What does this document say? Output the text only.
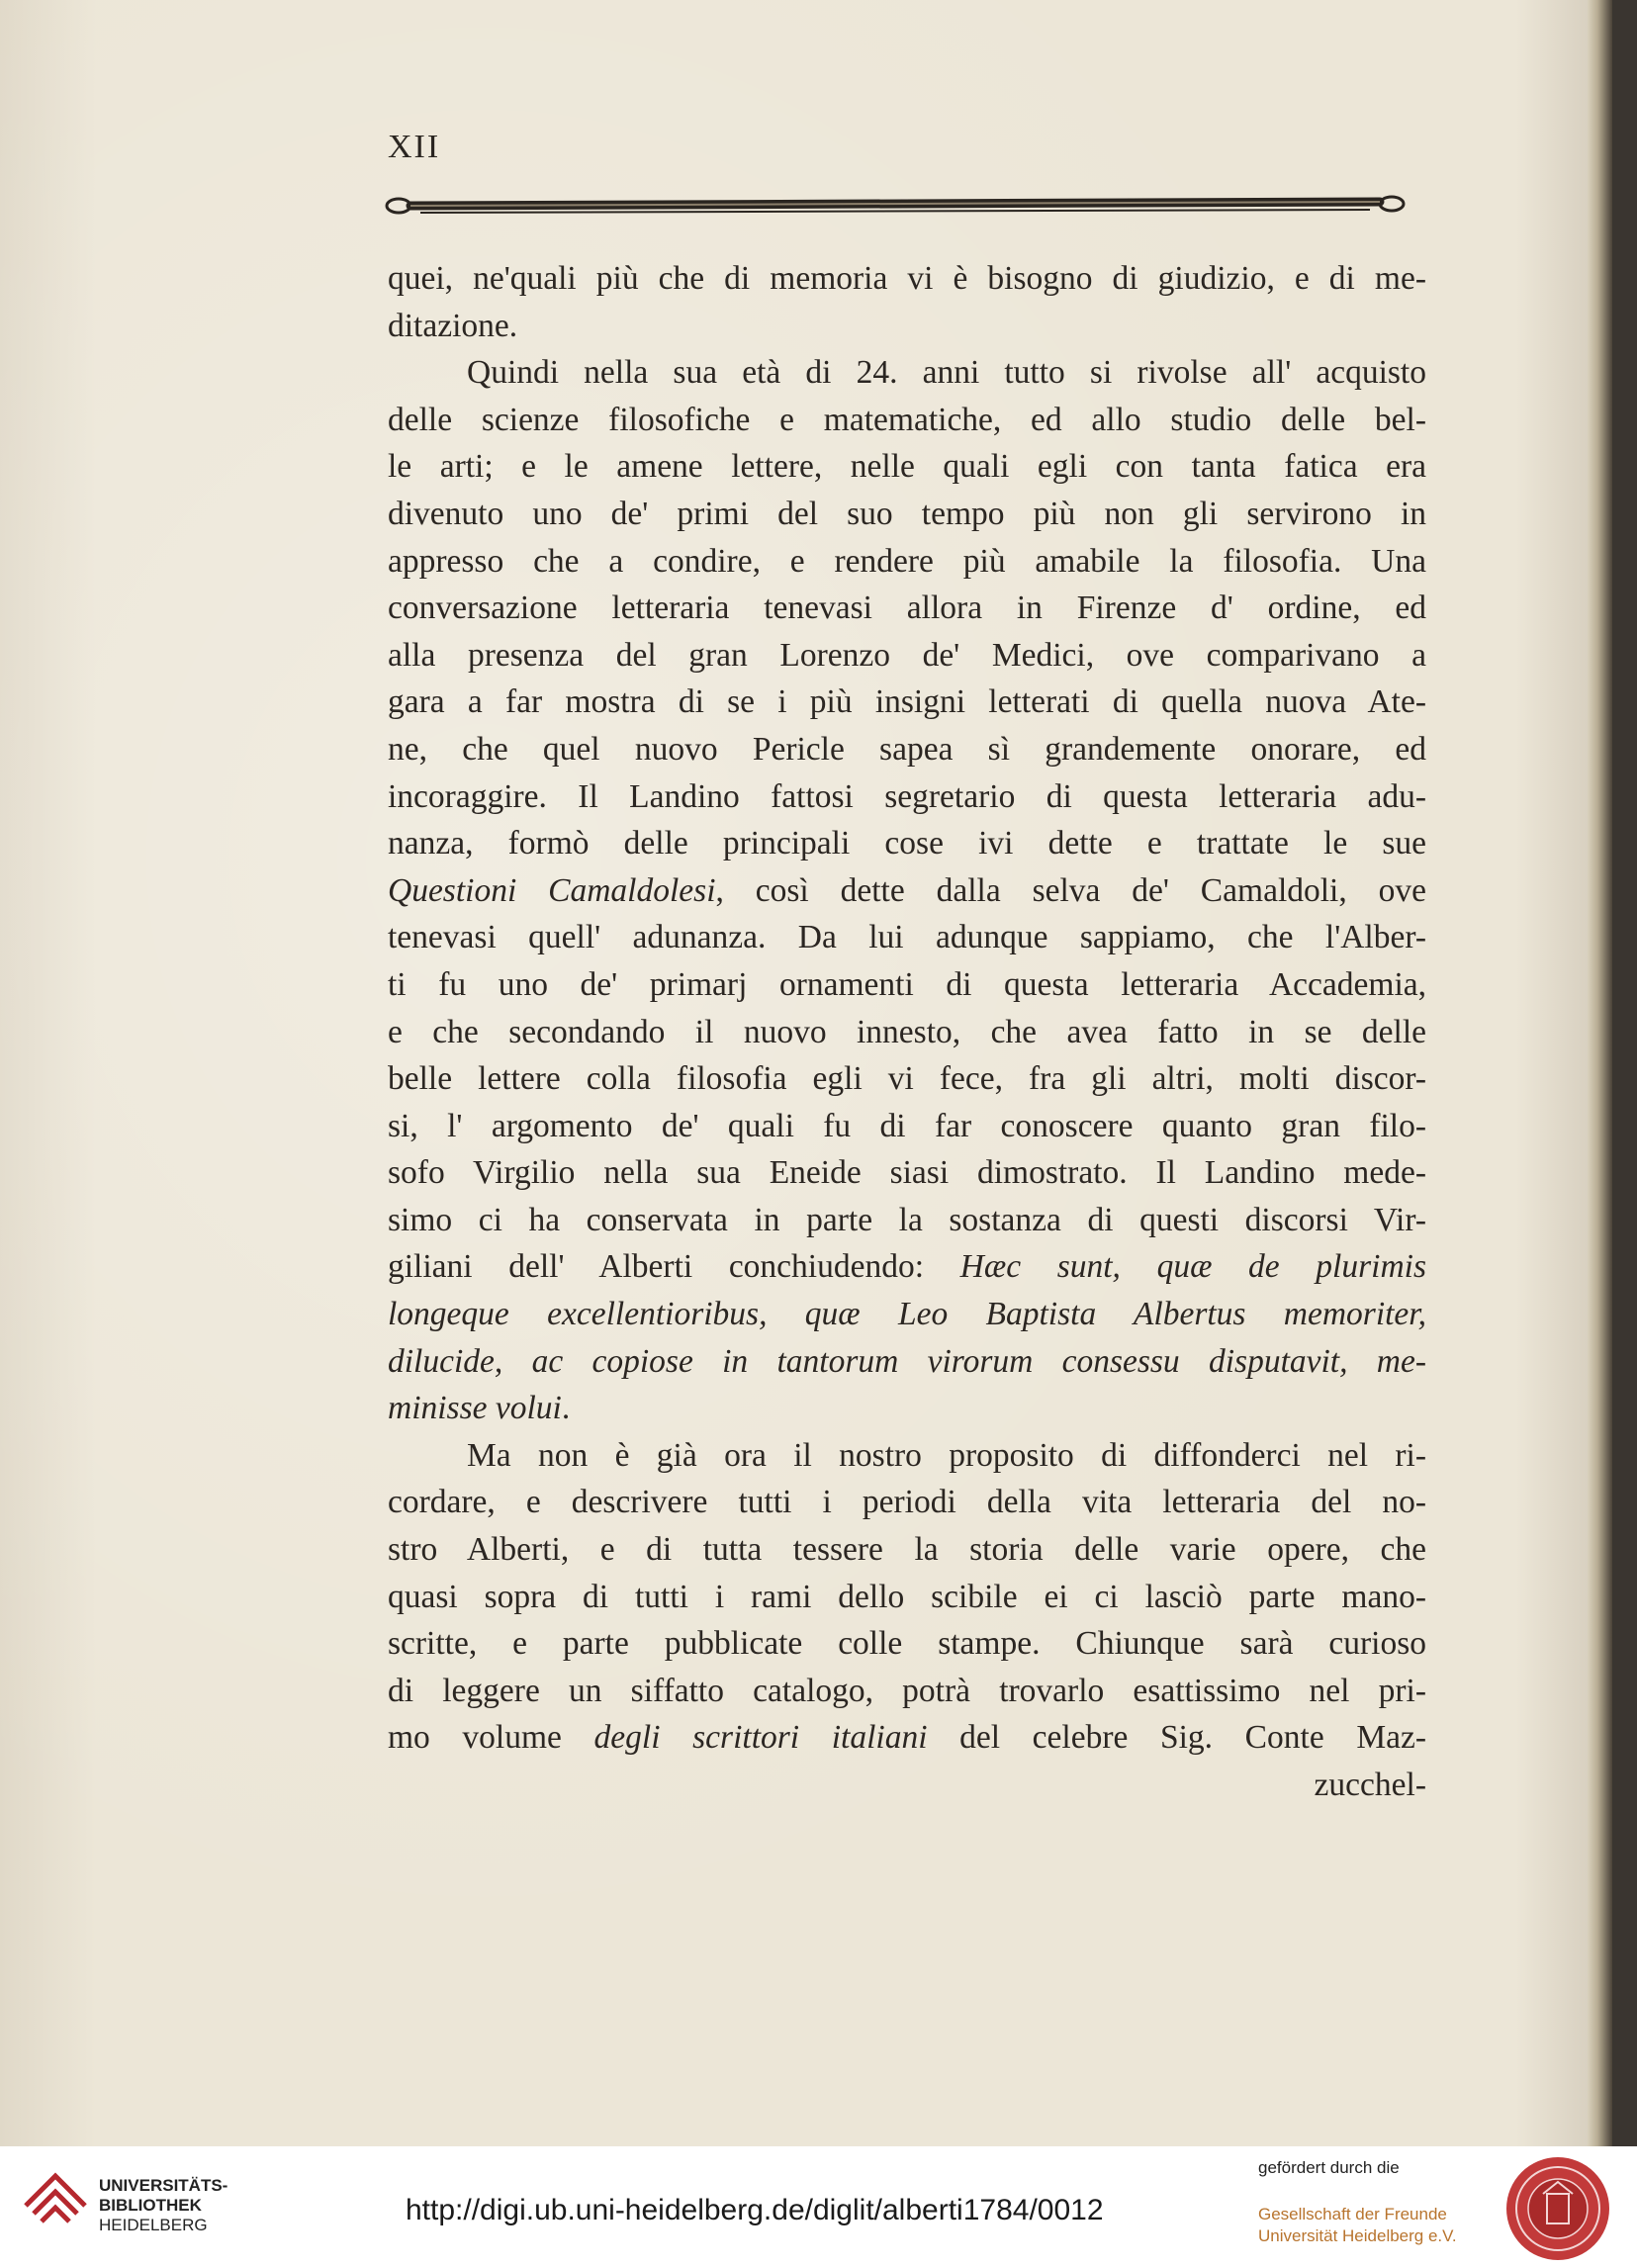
XII
quei, ne'quali più che di memoria vi è bisogno di giudizio, e di me-
ditazione.
Quindi nella sua età di 24. anni tutto si rivolse all' acquisto
delle scienze filosofiche e matematiche, ed allo studio delle bel-
le arti; e le amene lettere, nelle quali egli con tanta fatica era
divenuto uno de' primi del suo tempo più non gli servirono in
appresso che a condire, e rendere più amabile la filosofia. Una
conversazione letteraria tenevasi allora in Firenze d' ordine, ed
alla presenza del gran Lorenzo de' Medici, ove comparivano a
gara a far mostra di se i più insigni letterati di quella nuova Ate-
ne, che quel nuovo Pericle sapea sì grandemente onorare, ed
incoraggire. Il Landino fattosi segretario di questa letteraria adu-
nanza, formò delle principali cose ivi dette e trattate le sue
Questioni Camaldolesi, così dette dalla selva de' Camaldoli, ove
tenevasi quell' adunanza. Da lui adunque sappiamo, che l'Alber-
ti fu uno de' primarj ornamenti di questa letteraria Accademia,
e che secondando il nuovo innesto, che avea fatto in se delle
belle lettere colla filosofia egli vi fece, fra gli altri, molti discor-
si, l' argomento de' quali fu di far conoscere quanto gran filo-
sofo Virgilio nella sua Eneide siasi dimostrato. Il Landino mede-
simo ci ha conservata in parte la sostanza di questi discorsi Vir-
giliani dell' Alberti conchiudendo: Hæc sunt, quæ de plurimis
longeque excellentioribus, quæ Leo Baptista Albertus memoriter,
dilucide, ac copiose in tantorum virorum consessu disputavit, me-
minisse volui.
Ma non è già ora il nostro proposito di diffonderci nel ri-
cordare, e descrivere tutti i periodi della vita letteraria del no-
stro Alberti, e di tutta tessere la storia delle varie opere, che
quasi sopra di tutti i rami dello scibile ei ci lasciò parte mano-
scritte, e parte pubblicate colle stampe. Chiunque sarà curioso
di leggere un siffatto catalogo, potrà trovarlo esattissimo nel pri-
mo volume degli scrittori italiani del celebre Sig. Conte Maz-
zucchel-
UNIVERSITÄTS-
BIBLIOTHEK
HEIDELBERG	http://digi.ub.uni-heidelberg.de/diglit/alberti1784/0012
gefördert durch die
Gesellschaft der Freunde
Universität Heidelberg e.V.
